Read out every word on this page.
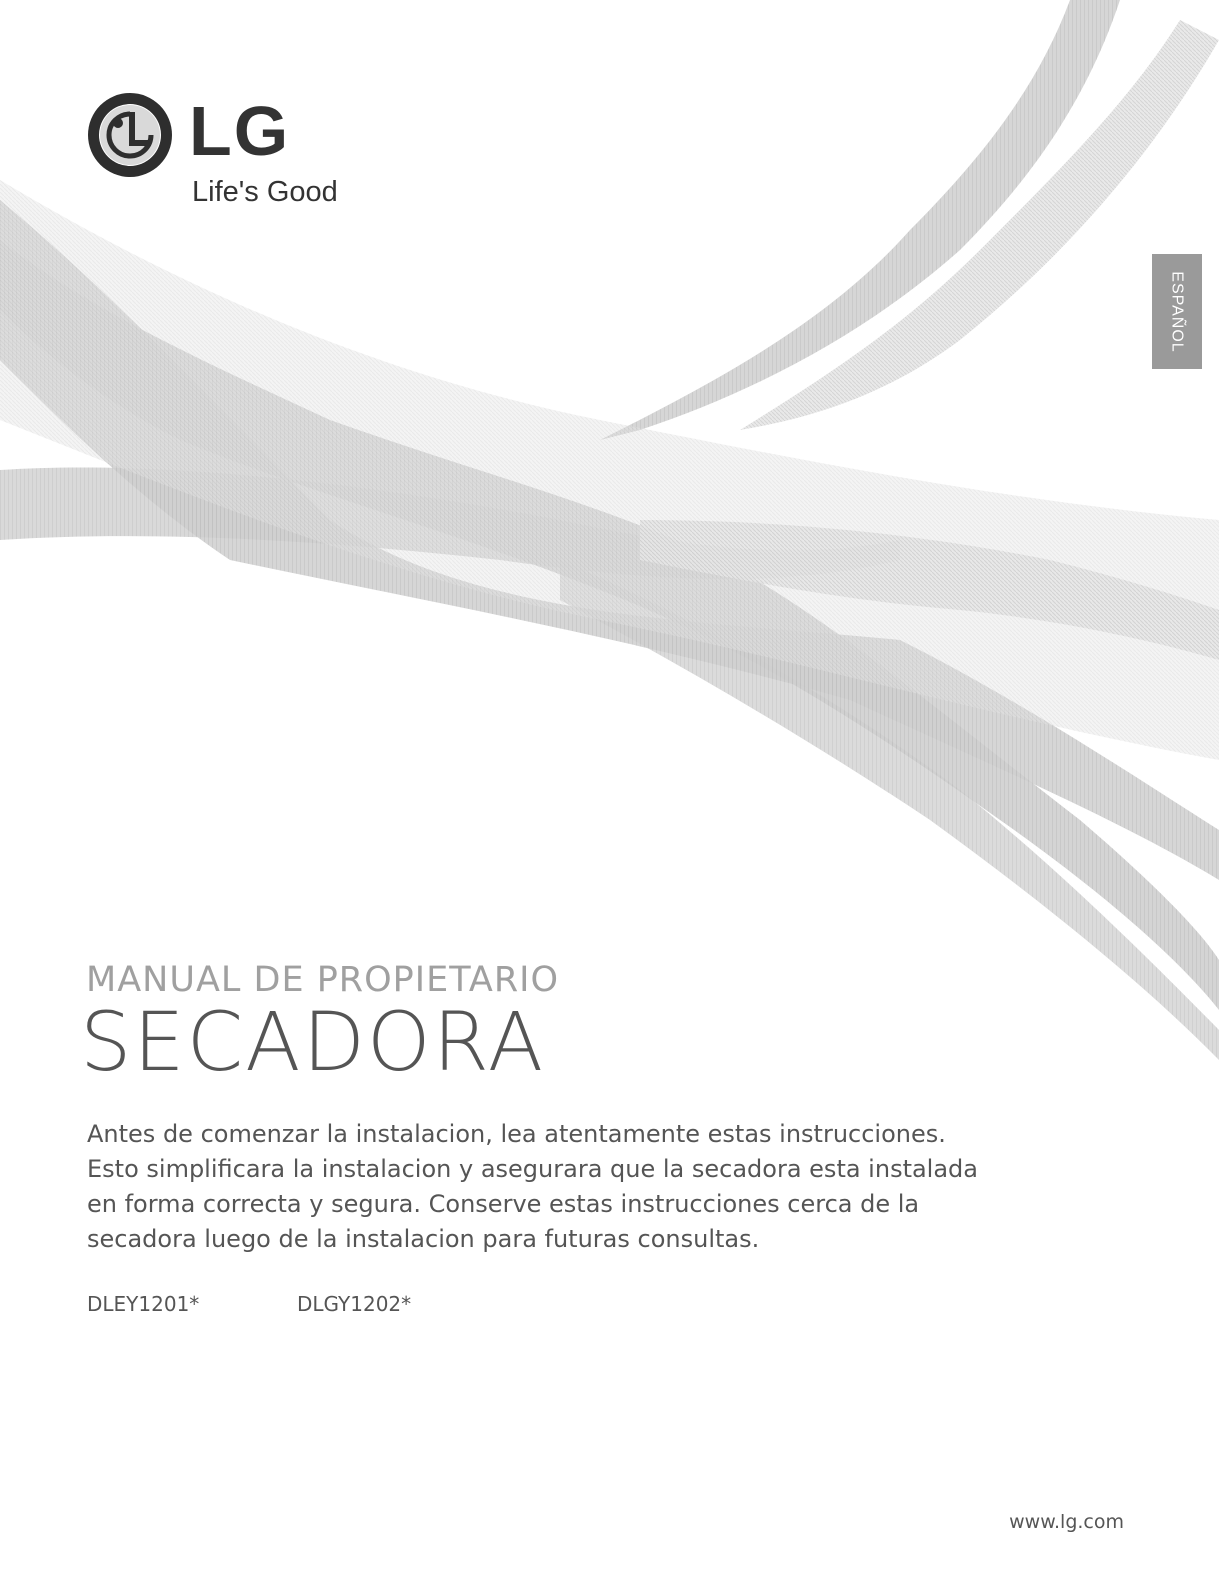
LG
Life's Good
ESPAÑOL
MANUAL DE PROPIETARIO
SECADORA
Antes de comenzar la instalacion, lea atentamente estas instrucciones.
Esto simplificara la instalacion y asegurara que la secadora esta instalada
en forma correcta y segura. Conserve estas instrucciones cerca de la
secadora luego de la instalacion para futuras consultas.
DLEY1201*	DLGY1202*
www.lg.com
